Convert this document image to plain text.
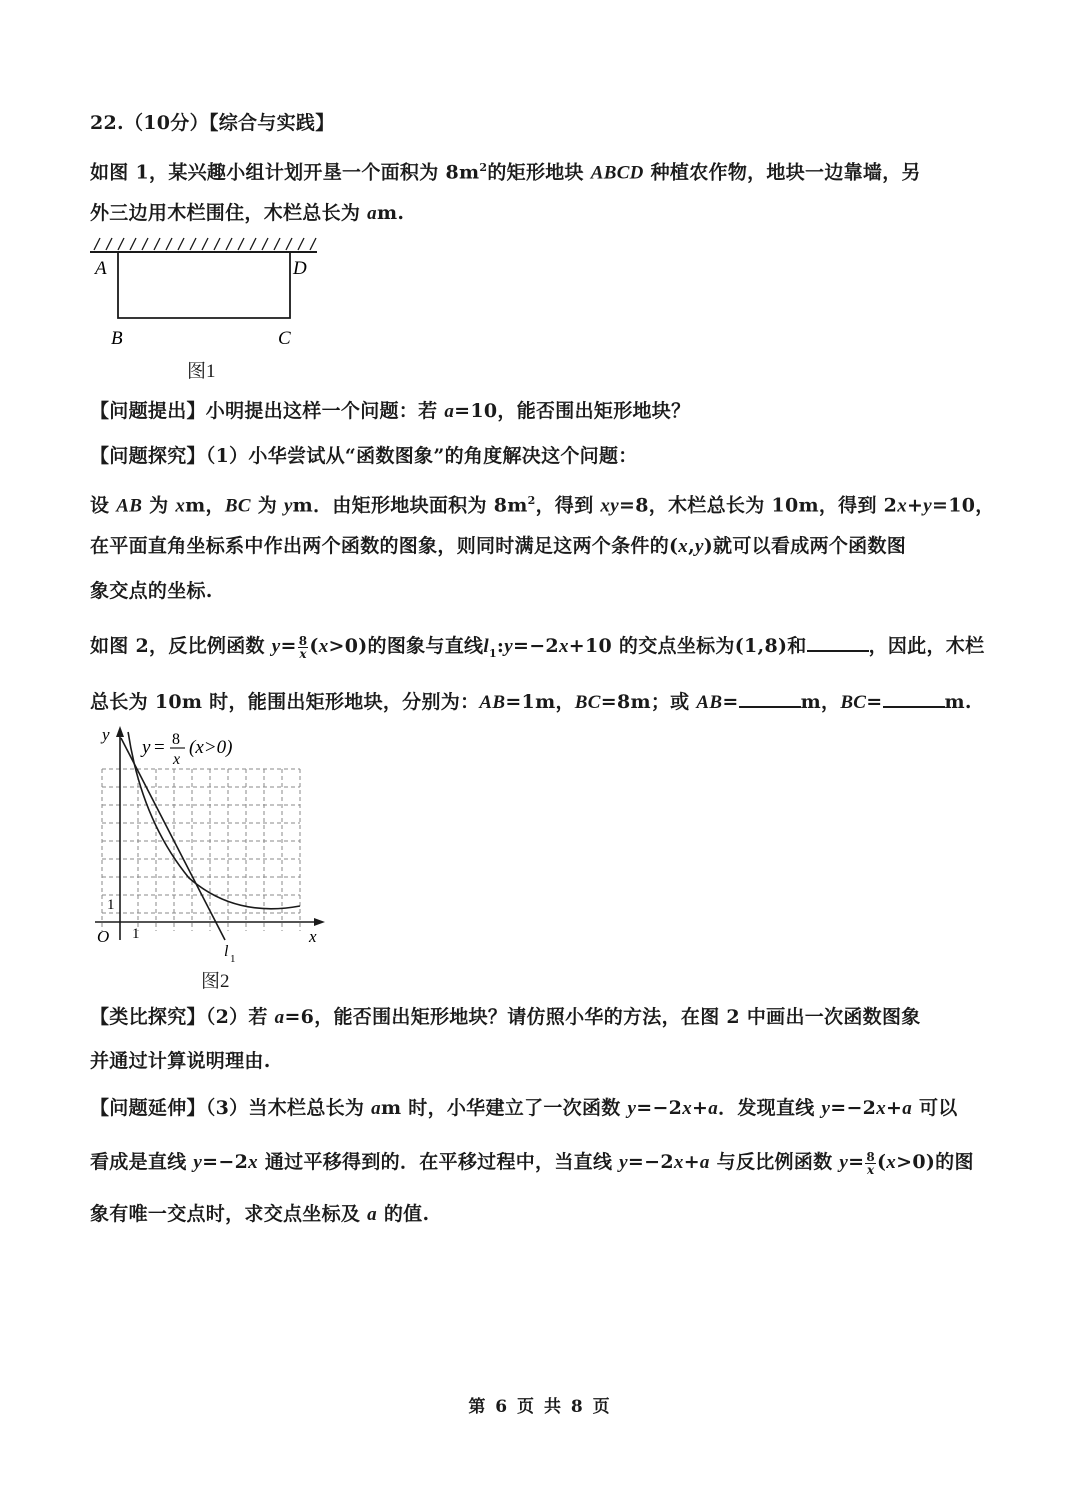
22.（10分）【综合与实践】
如图 1，某兴趣小组计划开垦一个面积为 $8m^2$的矩形地块 ABCD 种植农作物，地块一边靠墙，另
外三边用木栏围住，木栏总长为 am.
A	D
B	C
图1
【问题提出】小明提出这样一个问题：若 a=10，能否围出矩形地块？
【问题探究】（1）小华尝试从“函数图象”的角度解决这个问题：
设 AB 为 xm，BC 为 ym．由矩形地块面积为 $8m^2$，得到 xy=8，木栏总长为 10m，得到 2x+y=10，
在平面直角坐标系中作出两个函数的图象，则同时满足这两个条件的(x,y)就可以看成两个函数图
象交点的坐标.
如图 2，反比例函数 $y= \frac{8}{x} (x>0)$的图象与直线$l_1:y=-2x+10$ 的交点坐标为(1,8)和	，因此，木栏
总长为 10m 时，能围出矩形地块，分别为：AB=1m，BC=8m；或 AB=	m，BC=	m.
y
x
O 1
1
l 1
y = 8
x
(x>0)
图2
【类比探究】（2）若 a=6，能否围出矩形地块？请仿照小华的方法，在图 2 中画出一次函数图象
并通过计算说明理由.
【问题延伸】（3）当木栏总长为 am 时，小华建立了一次函数 y=−2x+a．发现直线 y=−2x+a 可以
看成是直线 y=−2x 通过平移得到的．在平移过程中，当直线 y=−2x+a 与反比例函数 $y= \frac{8}{x} (x>0)$的图
象有唯一交点时，求交点坐标及 a 的值.
第 6 页 共 8 页
